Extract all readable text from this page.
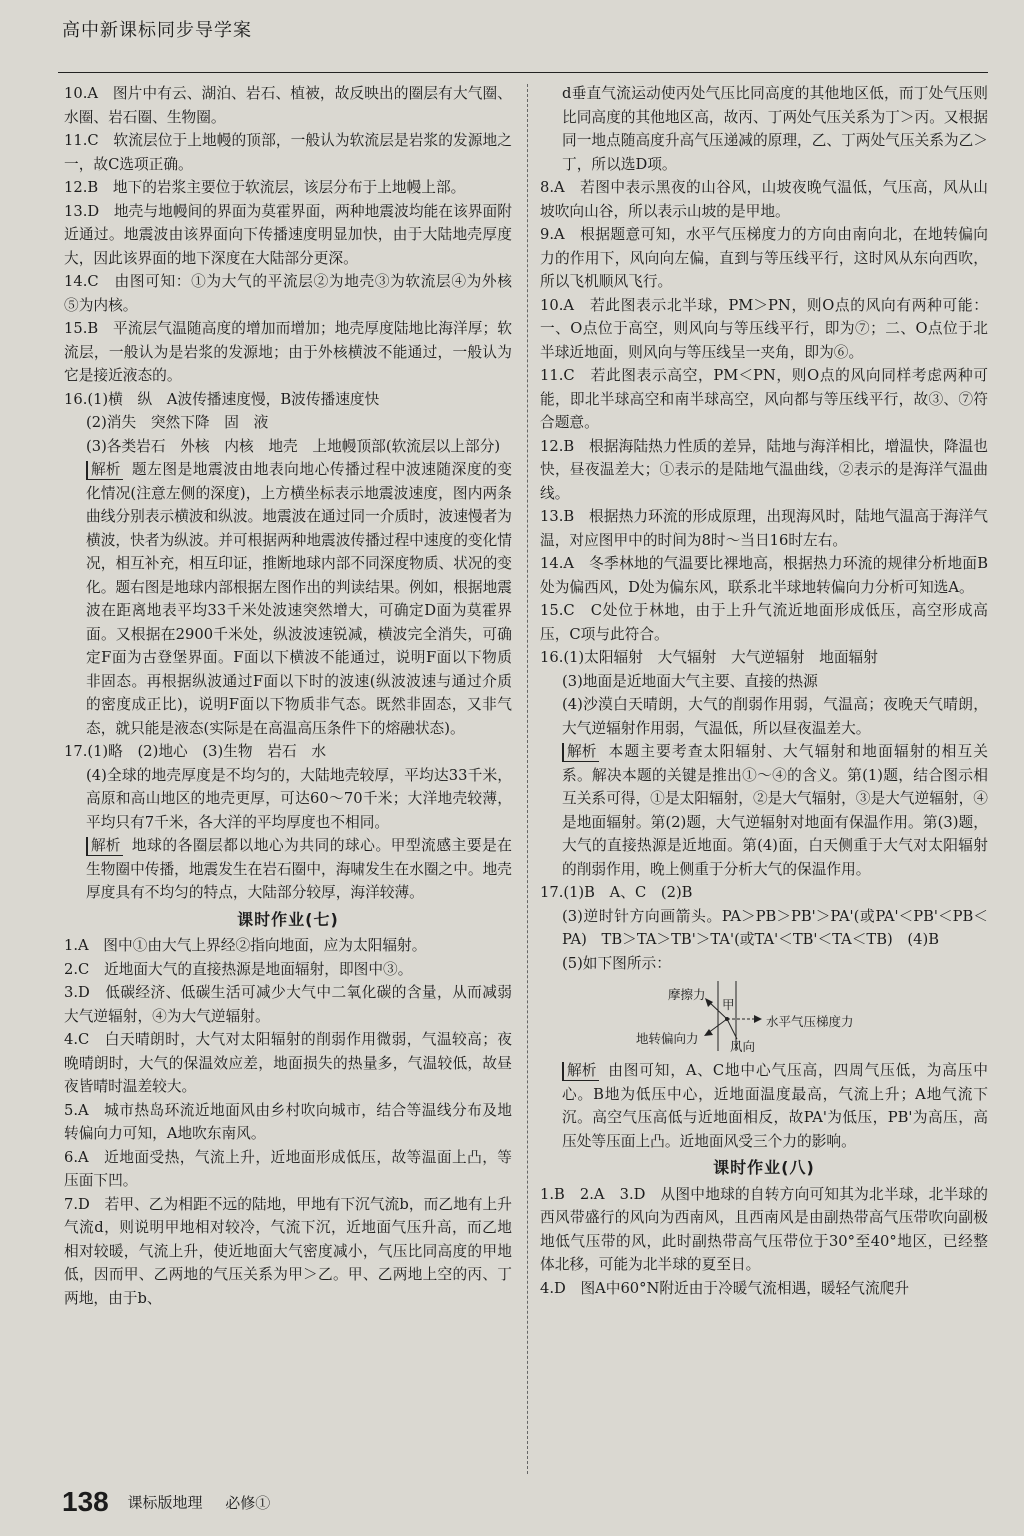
高中新课标同步导学案

10.A　图片中有云、湖泊、岩石、植被，故反映出的圈层有大气圈、水圈、岩石圈、生物圈。

11.C　软流层位于上地幔的顶部，一般认为软流层是岩浆的发源地之一，故C选项正确。

12.B　地下的岩浆主要位于软流层，该层分布于上地幔上部。

13.D　地壳与地幔间的界面为莫霍界面，两种地震波均能在该界面附近通过。地震波由该界面向下传播速度明显加快，由于大陆地壳厚度大，因此该界面的地下深度在大陆部分更深。

14.C　由图可知：①为大气的平流层②为地壳③为软流层④为外核 ⑤为内核。

15.B　平流层气温随高度的增加而增加；地壳厚度陆地比海洋厚；软流层，一般认为是岩浆的发源地；由于外核横波不能通过，一般认为它是接近液态的。

16.(1)横　纵　A波传播速度慢，B波传播速度快

(2)消失　突然下降　固　液

(3)各类岩石　外核　内核　地壳　上地幔顶部(软流层以上部分)

解析 题左图是地震波由地表向地心传播过程中波速随深度的变化情况(注意左侧的深度)，上方横坐标表示地震波速度，图内两条曲线分别表示横波和纵波。地震波在通过同一介质时，波速慢者为横波，快者为纵波。并可根据两种地震波传播过程中速度的变化情况，相互补充，相互印证，推断地球内部不同深度物质、状况的变化。题右图是地球内部根据左图作出的判读结果。例如，根据地震波在距离地表平均33千米处波速突然增大，可确定D面为莫霍界面。又根据在2900千米处，纵波波速锐减，横波完全消失，可确定F面为古登堡界面。F面以下横波不能通过，说明F面以下物质非固态。再根据纵波通过F面以下时的波速(纵波波速与通过介质的密度成正比)，说明F面以下物质非气态。既然非固态，又非气态，就只能是液态(实际是在高温高压条件下的熔融状态)。

17.(1)略　(2)地心　(3)生物　岩石　水

(4)全球的地壳厚度是不均匀的，大陆地壳较厚，平均达33千米，高原和高山地区的地壳更厚，可达60～70千米；大洋地壳较薄，平均只有7千米，各大洋的平均厚度也不相同。

解析 地球的各圈层都以地心为共同的球心。甲型流感主要是在生物圈中传播，地震发生在岩石圈中，海啸发生在水圈之中。地壳厚度具有不均匀的特点，大陆部分较厚，海洋较薄。

课时作业(七)

1.A　图中①由大气上界经②指向地面，应为太阳辐射。

2.C　近地面大气的直接热源是地面辐射，即图中③。

3.D　低碳经济、低碳生活可减少大气中二氧化碳的含量，从而减弱大气逆辐射，④为大气逆辐射。

4.C　白天晴朗时，大气对太阳辐射的削弱作用微弱，气温较高；夜晚晴朗时，大气的保温效应差，地面损失的热量多，气温较低，故昼夜皆晴时温差较大。

5.A　城市热岛环流近地面风由乡村吹向城市，结合等温线分布及地转偏向力可知，A地吹东南风。

6.A　近地面受热，气流上升，近地面形成低压，故等温面上凸，等压面下凹。

7.D　若甲、乙为相距不远的陆地，甲地有下沉气流b，而乙地有上升气流d，则说明甲地相对较冷，气流下沉，近地面气压升高，而乙地相对较暖，气流上升，使近地面大气密度减小，气压比同高度的甲地低，因而甲、乙两地的气压关系为甲＞乙。甲、乙两地上空的丙、丁两地，由于b、

d垂直气流运动使丙处气压比同高度的其他地区低，而丁处气压则比同高度的其他地区高，故丙、丁两处气压关系为丁＞丙。又根据同一地点随高度升高气压递减的原理，乙、丁两处气压关系为乙＞丁，所以选D项。

8.A　若图中表示黑夜的山谷风，山坡夜晚气温低，气压高，风从山坡吹向山谷，所以表示山坡的是甲地。

9.A　根据题意可知，水平气压梯度力的方向由南向北，在地转偏向力的作用下，风向向左偏，直到与等压线平行，这时风从东向西吹，所以飞机顺风飞行。

10.A　若此图表示北半球，PM＞PN，则O点的风向有两种可能：一、O点位于高空，则风向与等压线平行，即为⑦；二、O点位于北半球近地面，则风向与等压线呈一夹角，即为⑥。

11.C　若此图表示高空，PM＜PN，则O点的风向同样考虑两种可能，即北半球高空和南半球高空，风向都与等压线平行，故③、⑦符合题意。

12.B　根据海陆热力性质的差异，陆地与海洋相比，增温快，降温也快，昼夜温差大；①表示的是陆地气温曲线，②表示的是海洋气温曲线。

13.B　根据热力环流的形成原理，出现海风时，陆地气温高于海洋气温，对应图甲中的时间为8时～当日16时左右。

14.A　冬季林地的气温要比裸地高，根据热力环流的规律分析地面B处为偏西风，D处为偏东风，联系北半球地转偏向力分析可知选A。

15.C　C处位于林地，由于上升气流近地面形成低压，高空形成高压，C项与此符合。

16.(1)太阳辐射　大气辐射　大气逆辐射　地面辐射

(3)地面是近地面大气主要、直接的热源

(4)沙漠白天晴朗，大气的削弱作用弱，气温高；夜晚天气晴朗，大气逆辐射作用弱，气温低，所以昼夜温差大。

解析 本题主要考查太阳辐射、大气辐射和地面辐射的相互关系。解决本题的关键是推出①～④的含义。第(1)题，结合图示相互关系可得，①是太阳辐射，②是大气辐射，③是大气逆辐射，④是地面辐射。第(2)题，大气逆辐射对地面有保温作用。第(3)题，大气的直接热源是近地面。第(4)面，白天侧重于大气对太阳辐射的削弱作用，晚上侧重于分析大气的保温作用。

17.(1)B　A、C　(2)B

(3)逆时针方向画箭头。PA＞PB＞PB'＞PA'(或PA'＜PB'＜PB＜PA)　TB＞TA＞TB'＞TA'(或TA'＜TB'＜TA＜TB)　(4)B

(5)如下图所示：

摩擦力
甲
水平气压梯度力
地转偏向力
风向

解析 由图可知，A、C地中心气压高，四周气压低，为高压中心。B地为低压中心，近地面温度最高，气流上升；A地气流下沉。高空气压高低与近地面相反，故PA'为低压，PB'为高压，高压处等压面上凸。近地面风受三个力的影响。

课时作业(八)

1.B　2.A　3.D　从图中地球的自转方向可知其为北半球，北半球的西风带盛行的风向为西南风，且西南风是由副热带高气压带吹向副极地低气压带的风，此时副热带高气压带位于30°至40°地区，已经整体北移，可能为北半球的夏至日。

4.D　图A中60°N附近由于冷暖气流相遇，暖轻气流爬升

138 课标版地理 必修①
